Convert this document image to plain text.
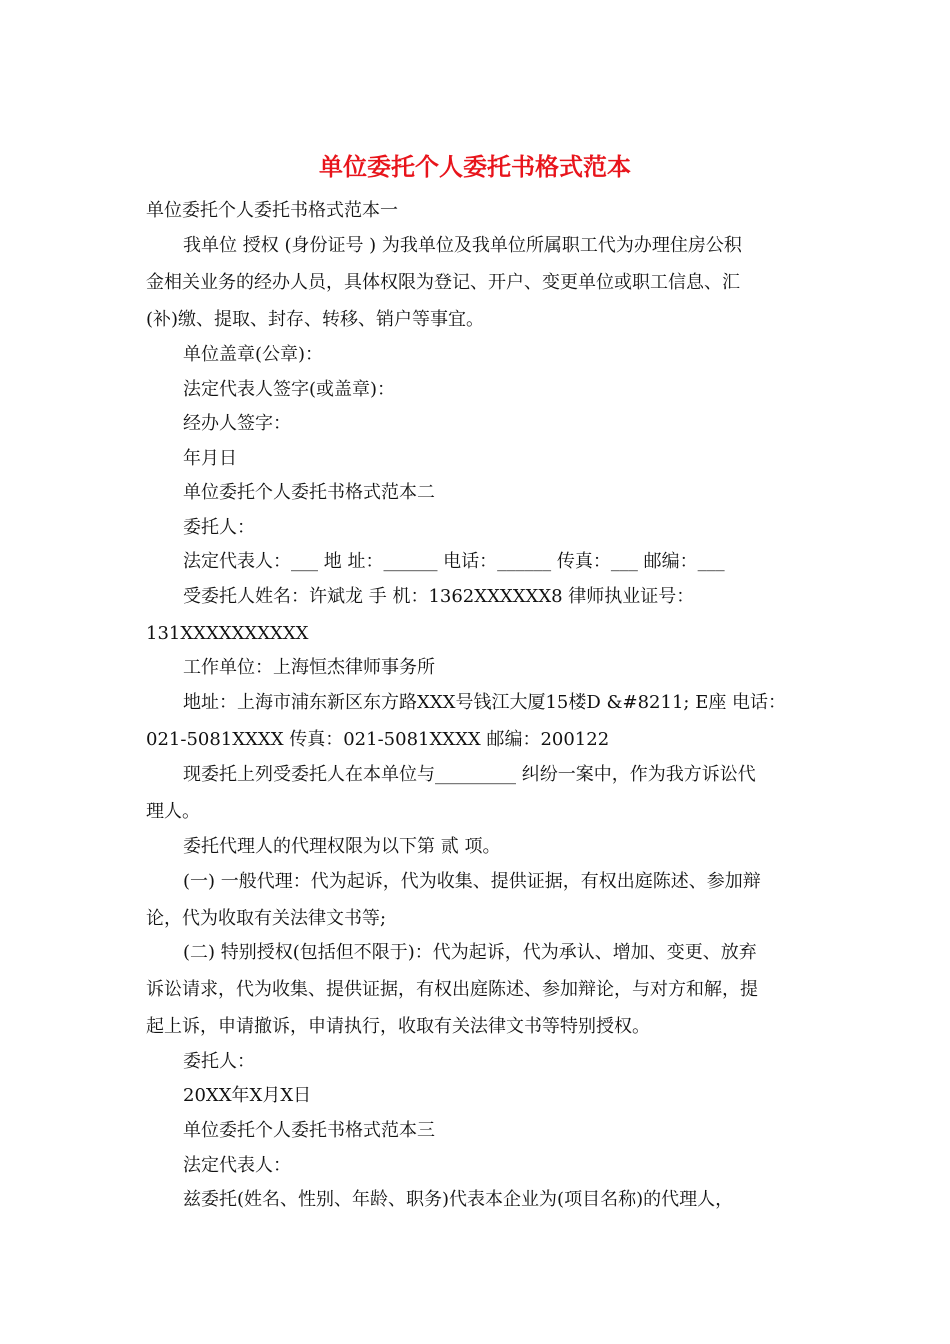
单位委托个人委托书格式范本
单位委托个人委托书格式范本一
我单位 授权 (身份证号 ) 为我单位及我单位所属职工代为办理住房公积
金相关业务的经办人员，具体权限为登记、开户、变更单位或职工信息、汇
(补)缴、提取、封存、转移、销户等事宜。
单位盖章(公章)：
法定代表人签字(或盖章)：
经办人签字：
年月日
单位委托个人委托书格式范本二
委托人：
法定代表人：___ 地 址：______ 电话：______ 传真：___ 邮编：___
受委托人姓名：许斌龙 手 机：1362XXXXXX8 律师执业证号：
131XXXXXXXXXX
工作单位：上海恒杰律师事务所
地址：上海市浦东新区东方路XXX号钱江大厦15楼D &#8211; E座 电话：
021-5081XXXX 传真：021-5081XXXX 邮编：200122
现委托上列受委托人在本单位与_________ 纠纷一案中，作为我方诉讼代
理人。
委托代理人的代理权限为以下第 贰 项。
(一) 一般代理：代为起诉，代为收集、提供证据，有权出庭陈述、参加辩
论，代为收取有关法律文书等;
(二) 特别授权(包括但不限于)：代为起诉，代为承认、增加、变更、放弃
诉讼请求，代为收集、提供证据，有权出庭陈述、参加辩论，与对方和解，提
起上诉，申请撤诉，申请执行，收取有关法律文书等特别授权。
委托人：
20XX年X月X日
单位委托个人委托书格式范本三
法定代表人：
兹委托(姓名、性别、年龄、职务)代表本企业为(项目名称)的代理人，
